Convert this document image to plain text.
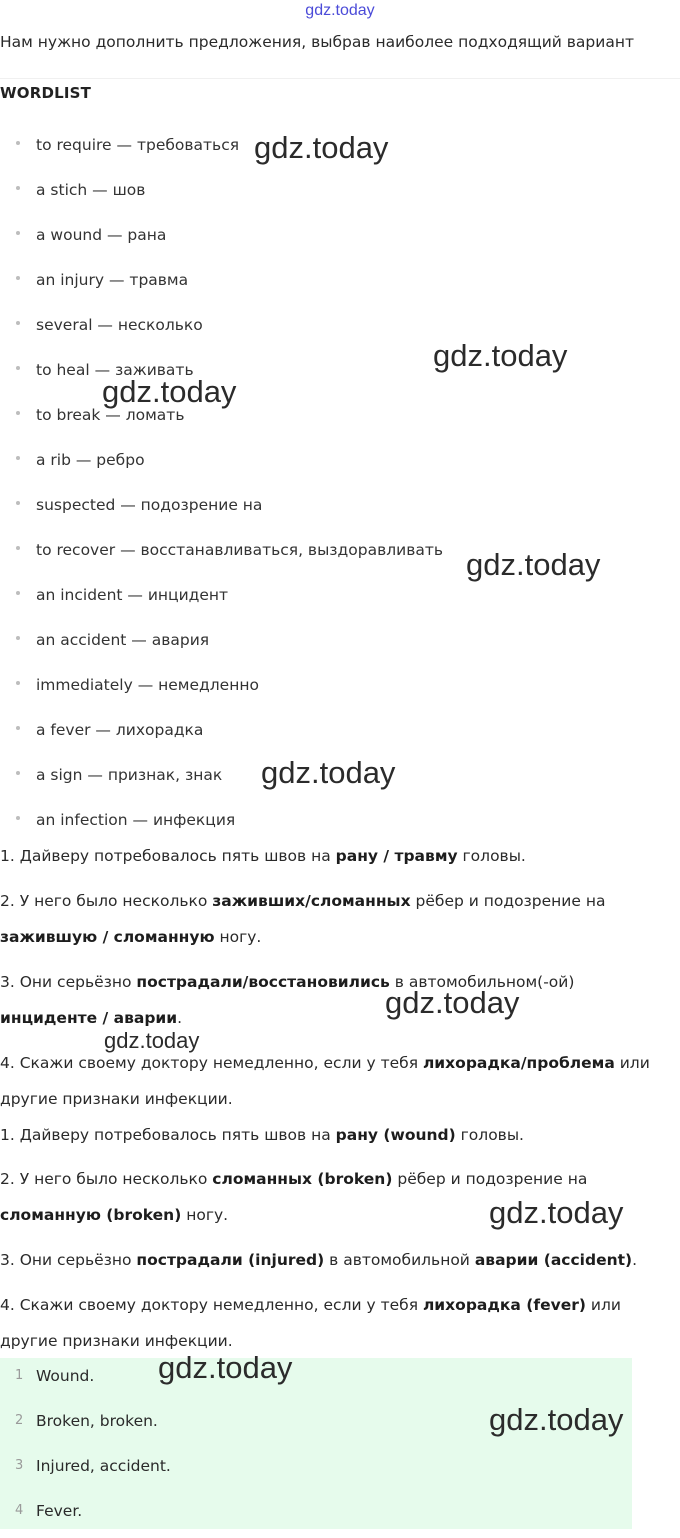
gdz.today
Нам нужно дополнить предложения, выбрав наиболее подходящий вариант
WORDLIST
to require — требоваться
a stich — шов
a wound — рана
an injury — травма
several — несколько
to heal — заживать
to break — ломать
a rib — ребро
suspected — подозрение на
to recover — восстанавливаться, выздоравливать
an incident — инцидент
an accident — авария
immediately — немедленно
a fever — лихорадка
a sign — признак, знак
an infection — инфекция
1. Дайверу потребовалось пять швов на рану / травму головы.
2. У него было несколько заживших/сломанных рёбер и подозрение на зажившую / сломанную ногу.
3. Они серьёзно пострадали/восстановились в автомобильном(-ой) инциденте / аварии.
4. Скажи своему доктору немедленно, если у тебя лихорадка/проблема или другие признаки инфекции.
1. Дайверу потребовалось пять швов на рану (wound) головы.
2. У него было несколько сломанных (broken) рёбер и подозрение на сломанную (broken) ногу.
3. Они серьёзно пострадали (injured) в автомобильной аварии (accident).
4. Скажи своему доктору немедленно, если у тебя лихорадка (fever) или другие признаки инфекции.
1 Wound.
2 Broken, broken.
3 Injured, accident.
4 Fever.
gdz.today
gdz.today
gdz.today
gdz.today
gdz.today
gdz.today
gdz.today
gdz.today
gdz.today
gdz.today
